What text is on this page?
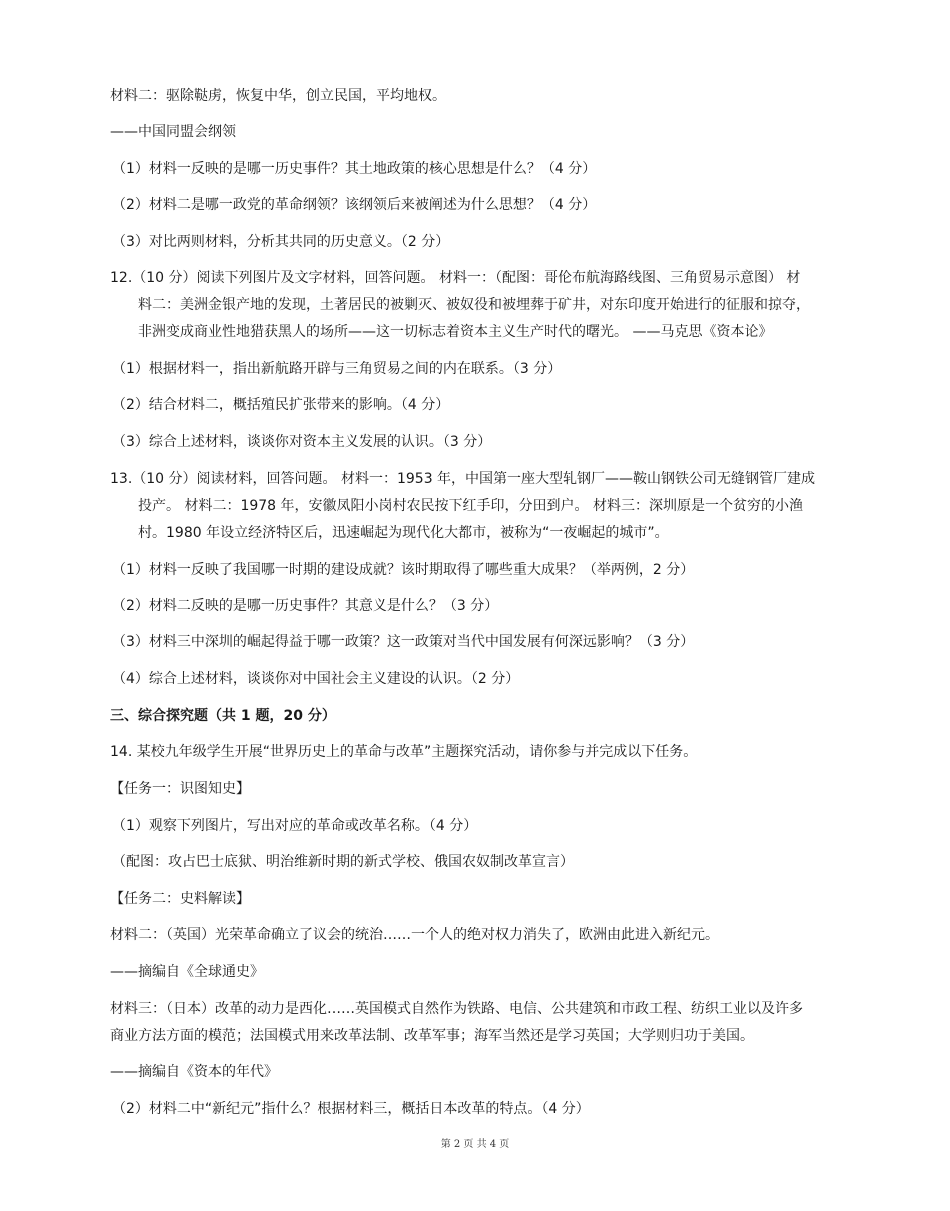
材料二：驱除鞑虏，恢复中华，创立民国，平均地权。
——中国同盟会纲领
（1）材料一反映的是哪一历史事件？其土地政策的核心思想是什么？（4 分）
（2）材料二是哪一政党的革命纲领？该纲领后来被阐述为什么思想？（4 分）
（3）对比两则材料，分析其共同的历史意义。（2 分）
12.（10 分）阅读下列图片及文字材料，回答问题。 材料一：（配图：哥伦布航海路线图、三角贸易示意图） 材
料二：美洲金银产地的发现，土著居民的被剿灭、被奴役和被埋葬于矿井，对东印度开始进行的征服和掠夺，
非洲变成商业性地猎获黑人的场所——这一切标志着资本主义生产时代的曙光。 ——马克思《资本论》
（1）根据材料一，指出新航路开辟与三角贸易之间的内在联系。（3 分）
（2）结合材料二，概括殖民扩张带来的影响。（4 分）
（3）综合上述材料，谈谈你对资本主义发展的认识。（3 分）
13.（10 分）阅读材料，回答问题。 材料一：1953 年，中国第一座大型轧钢厂——鞍山钢铁公司无缝钢管厂建成
投产。 材料二：1978 年，安徽凤阳小岗村农民按下红手印，分田到户。 材料三：深圳原是一个贫穷的小渔
村。1980 年设立经济特区后，迅速崛起为现代化大都市，被称为“一夜崛起的城市”。
（1）材料一反映了我国哪一时期的建设成就？该时期取得了哪些重大成果？（举两例，2 分）
（2）材料二反映的是哪一历史事件？其意义是什么？（3 分）
（3）材料三中深圳的崛起得益于哪一政策？这一政策对当代中国发展有何深远影响？（3 分）
（4）综合上述材料，谈谈你对中国社会主义建设的认识。（2 分）
三、综合探究题（共 1 题，20 分）
14. 某校九年级学生开展“世界历史上的革命与改革”主题探究活动，请你参与并完成以下任务。
【任务一：识图知史】
（1）观察下列图片，写出对应的革命或改革名称。（4 分）
（配图：攻占巴士底狱、明治维新时期的新式学校、俄国农奴制改革宣言）
【任务二：史料解读】
材料二：（英国）光荣革命确立了议会的统治……一个人的绝对权力消失了，欧洲由此进入新纪元。
——摘编自《全球通史》
材料三：（日本）改革的动力是西化……英国模式自然作为铁路、电信、公共建筑和市政工程、纺织工业以及许多
商业方法方面的模范；法国模式用来改革法制、改革军事；海军当然还是学习英国；大学则归功于美国。
——摘编自《资本的年代》
（2）材料二中“新纪元”指什么？根据材料三，概括日本改革的特点。（4 分）
第 2 页 共 4 页
